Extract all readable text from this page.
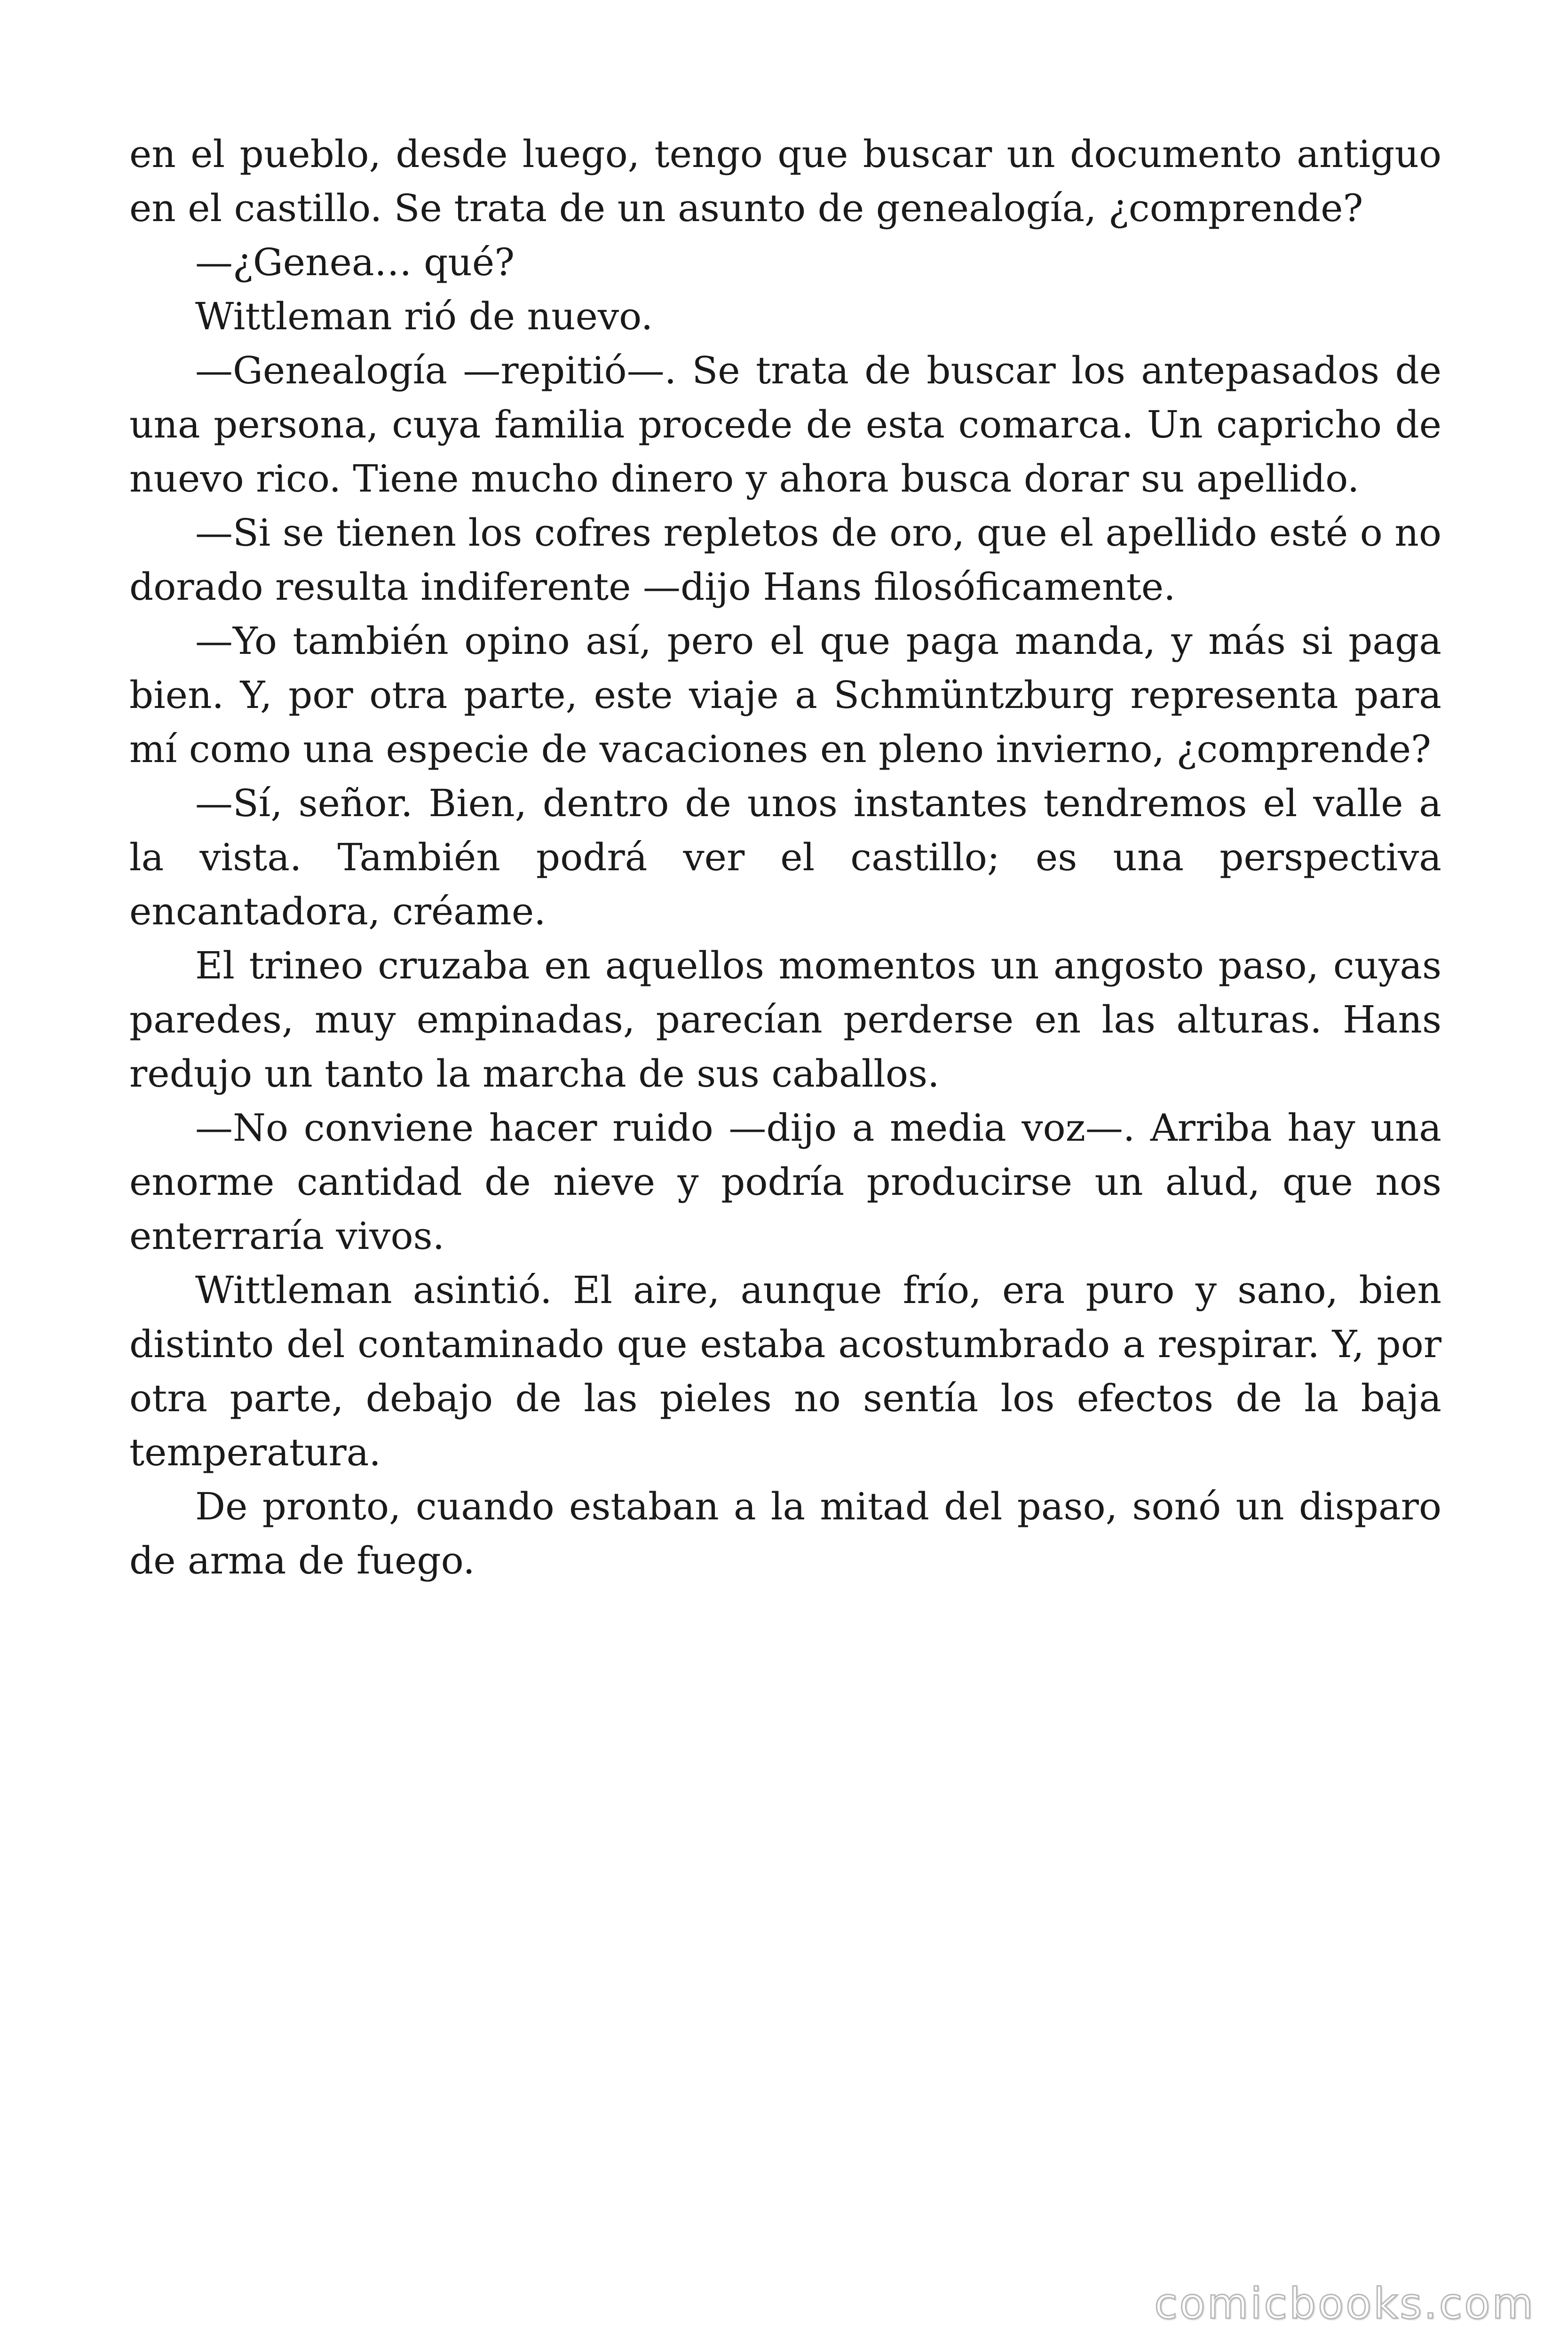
en el pueblo, desde luego, tengo que buscar un documento antiguo en el castillo. Se trata de un asunto de genealogía, ¿comprende?

—¿Genea… qué?

Wittleman rió de nuevo.

—Genealogía —repitió—. Se trata de buscar los antepasados de una persona, cuya familia procede de esta comarca. Un capricho de nuevo rico. Tiene mucho dinero y ahora busca dorar su apellido.

—Si se tienen los cofres repletos de oro, que el apellido esté o no dorado resulta indiferente —dijo Hans filosóficamente.

—Yo también opino así, pero el que paga manda, y más si paga bien. Y, por otra parte, este viaje a Schmüntzburg representa para mí como una especie de vacaciones en pleno invierno, ¿comprende?

—Sí, señor. Bien, dentro de unos instantes tendremos el valle a la vista. También podrá ver el castillo; es una perspectiva encantadora, créame.

El trineo cruzaba en aquellos momentos un angosto paso, cuyas paredes, muy empinadas, parecían perderse en las alturas. Hans redujo un tanto la marcha de sus caballos.

—No conviene hacer ruido —dijo a media voz—. Arriba hay una enorme cantidad de nieve y podría producirse un alud, que nos enterraría vivos.

Wittleman asintió. El aire, aunque frío, era puro y sano, bien distinto del contaminado que estaba acostumbrado a respirar. Y, por otra parte, debajo de las pieles no sentía los efectos de la baja temperatura.

De pronto, cuando estaban a la mitad del paso, sonó un disparo de arma de fuego.

comicbooks.com
